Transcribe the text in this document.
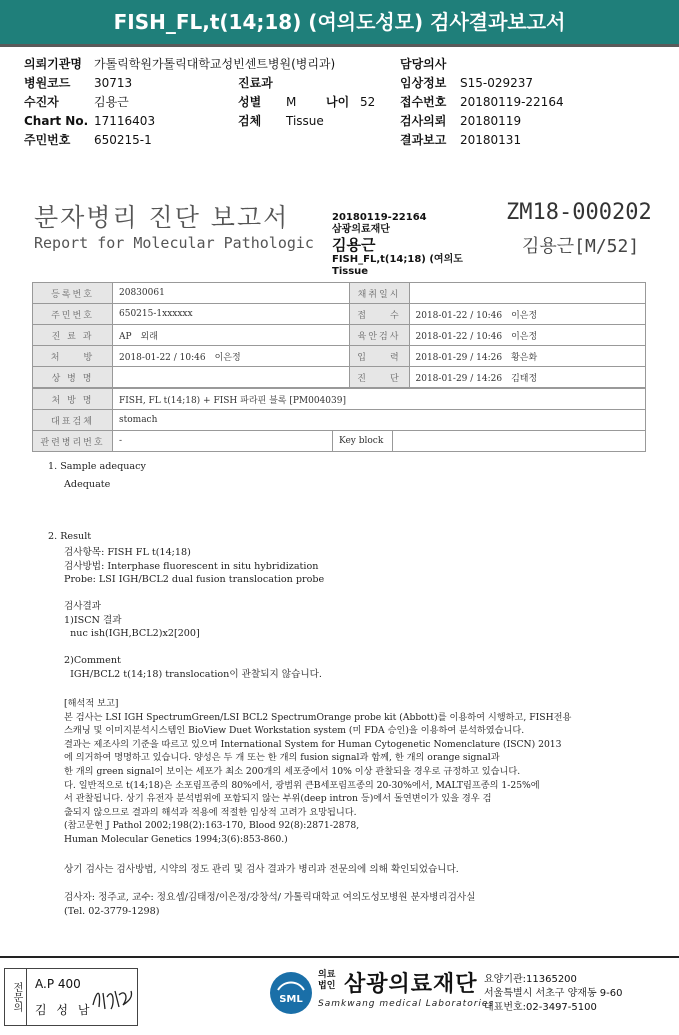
FISH_FL,t(14;18) (여의도성모) 검사결과보고서
의뢰기관명 가톨릭학원가톨릭대학교성빈센트병원(병리과)	담당의사
병원코드 30713	진료과	임상정보 S15-029237
수진자	김용근	성별 M 나이 52 접수번호 20180119-22164
Chart No. 17116403	검체 Tissue	검사의뢰 20180119
주민번호 650215-1	결과보고 20180131
분자병리 진단 보고서
Report for Molecular Pathologic
20180119-22164
삼광의료재단
김용근
FISH_FL,t(14;18) (여의도
Tissue
ZM18-000202
김용근[M/52]
등록번호	20830061	채취일시	
주민번호	650215-1xxxxxx	접　　수	2018-01-22 / 10:46　이은정
진 료 과	AP　외래	육안검사	2018-01-22 / 10:46　이은정
처　　방	2018-01-22 / 10:46　이은정	입　　력	2018-01-29 / 14:26　황은화
상 병 명		진　　단	2018-01-29 / 14:26　김태정
처 방 명	FISH, FL t(14;18) + FISH 파라핀 블록 [PM004039]		
대표검체	stomach		
관련병리번호	-	Key block	
1. Sample adequacy
Adequate
2. Result
검사항목: FISH FL t(14;18)
검사방법: Interphase fluorescent in situ hybridization
Probe: LSI IGH/BCL2 dual fusion translocation probe

검사결과
1)ISCN 결과
nuc ish(IGH,BCL2)x2[200]

2)Comment
IGH/BCL2 t(14;18) translocation이 관찰되지 않습니다.
[해석적 보고]
본 검사는 LSI IGH SpectrumGreen/LSI BCL2 SpectrumOrange probe kit (Abbott)를 이용하여 시행하고, FISH전용
스캐닝 및 이미지분석시스템인 BioView Duet Workstation system (미 FDA 승인)을 이용하여 분석하였습니다.
결과는 제조사의 기준을 따르고 있으며 International System for Human Cytogenetic Nomenclature (ISCN) 2013
에 의거하여 명명하고 있습니다. 양성은 두 개 또는 한 개의 fusion signal과 함께, 한 개의 orange signal과
한 개의 green signal이 보이는 세포가 최소 200개의 세포중에서 10% 이상 관찰되을 경우로 규정하고 있습니다.
다. 일반적으로 t(14;18)은 소포림프종의 80%에서, 광범위 큰B세포림프종의 20-30%에서, MALT림프종의 1-25%에
서 관찰됩니다. 상기 유전자 분석범위에 포함되지 않는 부위(deep intron 등)에서 돌연변이가 있을 경우 검
출되지 않으므로 결과의 해석과 적용에 적절한 임상적 고려가 요망됩니다.
(참고문헌 J Pathol 2002;198(2):163-170, Blood 92(8):2871-2878,
Human Molecular Genetics 1994;3(6):853-860.)
상기 검사는 검사방법, 시약의 정도 관리 및 검사 결과가 병리과 전문의에 의해 확인되었습니다.
검사자: 정주교, 교수: 정요셉/김태정/이은정/강창석/ 가톨릭대학교 여의도성모병원 분자병리검사실
(Tel. 02-3779-1298)
전문의	A.P 400
김 성 남
SML
의료
법인 삼광의료재단
Samkwang medical Laboratories
요양기관:11365200
서울특별시 서초구 양재동 9-60
대표번호:02-3497-5100
